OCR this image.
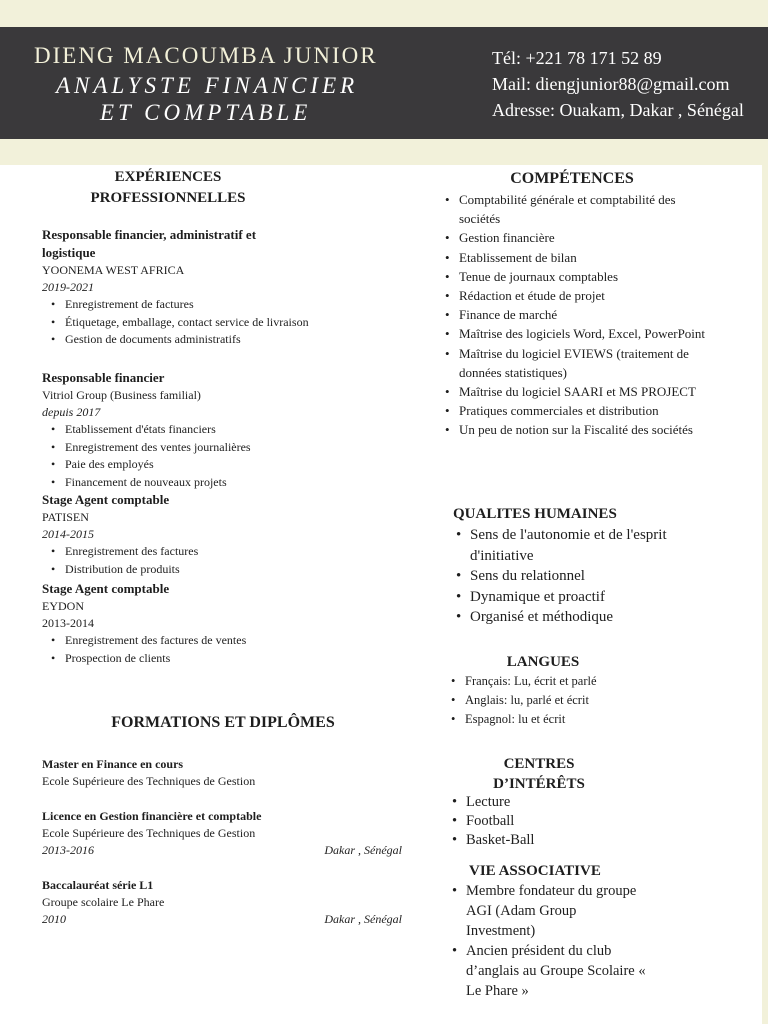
DIENG MACOUMBA JUNIOR
ANALYSTE FINANCIER
ET COMPTABLE
Tél: +221 78 171 52 89
Mail: diengjunior88@gmail.com
Adresse: Ouakam, Dakar , Sénégal
EXPÉRIENCES
PROFESSIONNELLES
Responsable financier, administratif et logistique
YOONEMA WEST AFRICA
2019-2021
• Enregistrement de factures
• Étiquetage, emballage, contact service de livraison
• Gestion de documents administratifs
Responsable financier
Vitriol Group (Business familial)
depuis 2017
• Etablissement d'états financiers
• Enregistrement des ventes journalières
• Paie des employés
• Financement de nouveaux projets
Stage Agent comptable
PATISEN
2014-2015
• Enregistrement des factures
• Distribution de produits
Stage Agent comptable
EYDON
2013-2014
• Enregistrement des factures de ventes
• Prospection de clients
FORMATIONS ET DIPLÔMES
Master en Finance en cours
Ecole Supérieure des Techniques de Gestion
Licence en Gestion financière et comptable
Ecole Supérieure des Techniques de Gestion
2013-2016	Dakar , Sénégal
Baccalauréat série L1
Groupe scolaire Le Phare
2010	Dakar , Sénégal
COMPÉTENCES
• Comptabilité générale et comptabilité des sociétés
• Gestion financière
• Etablissement de bilan
• Tenue de journaux comptables
• Rédaction et étude de projet
• Finance de marché
• Maîtrise des logiciels Word, Excel, PowerPoint
• Maîtrise du logiciel EVIEWS (traitement de données statistiques)
• Maîtrise du logiciel SAARI et MS PROJECT
• Pratiques commerciales et distribution
• Un peu de notion sur la Fiscalité des sociétés
QUALITES HUMAINES
• Sens de l'autonomie et de l'esprit d'initiative
• Sens du relationnel
• Dynamique et proactif
• Organisé et méthodique
LANGUES
• Français: Lu, écrit et parlé
• Anglais: lu, parlé et écrit
• Espagnol: lu et écrit
CENTRES
D’INTÉRÊTS
• Lecture
• Football
• Basket-Ball
VIE ASSOCIATIVE
• Membre fondateur du groupe AGI (Adam Group Investment)
• Ancien président du club d’anglais au Groupe Scolaire « Le Phare »
